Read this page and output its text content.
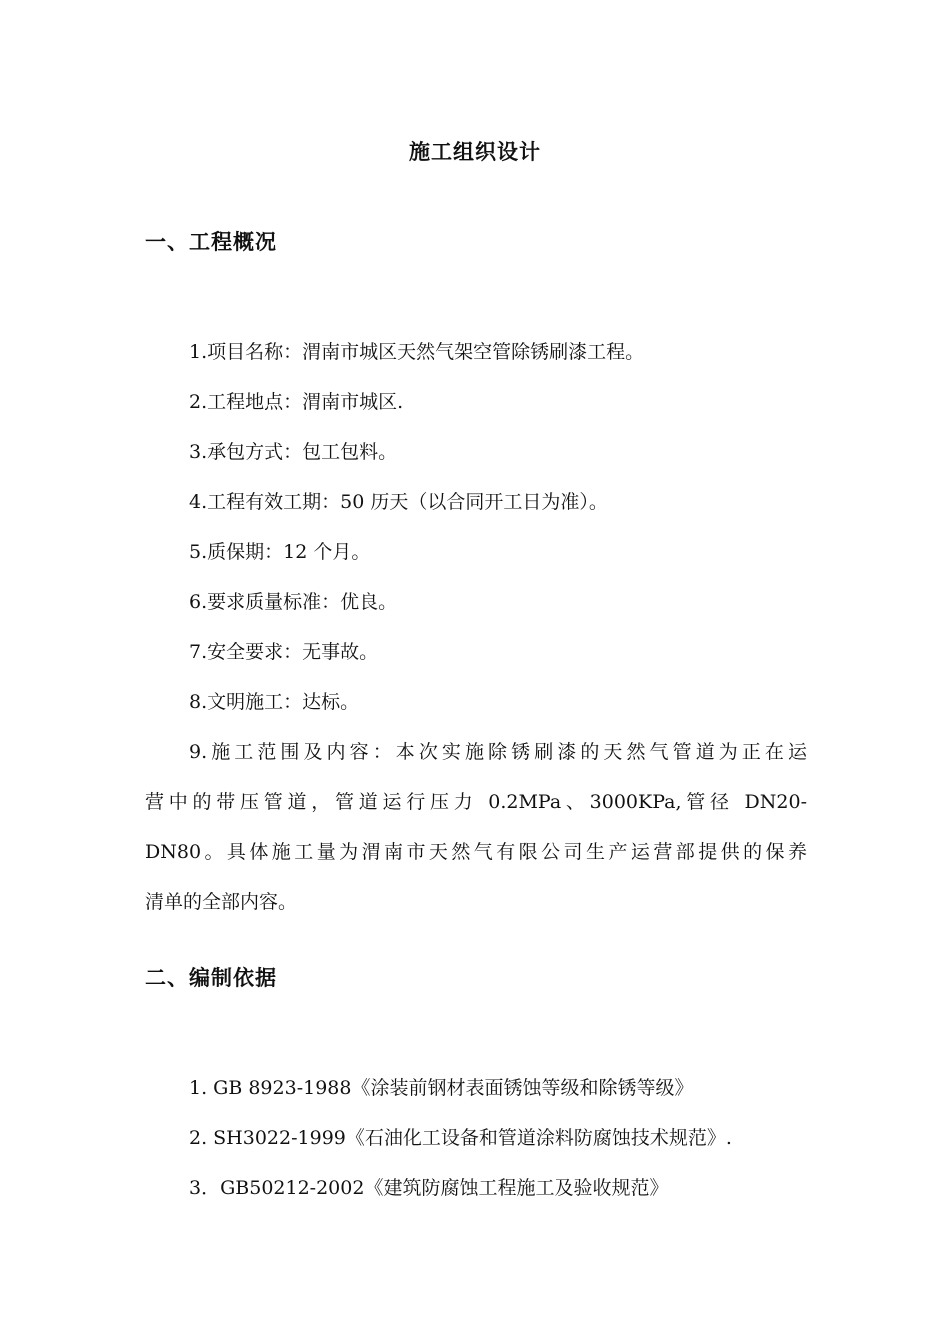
施工组织设计
一、工程概况
1.项目名称：渭南市城区天然气架空管除锈刷漆工程。
2.工程地点：渭南市城区.
3.承包方式：包工包料。
4.工程有效工期：50 历天（以合同开工日为准）。
5.质保期：12 个月。
6.要求质量标准：优良。
7.安全要求：无事故。
8.文明施工：达标。
9.施工范围及内容：本次实施除锈刷漆的天然气管道为正在运
营中的带压管道，管道运行压力 0.2MPa、3000KPa,管径 DN20-
DN80。具体施工量为渭南市天然气有限公司生产运营部提供的保养
清单的全部内容。
二、编制依据
1. GB 8923-1988《涂装前钢材表面锈蚀等级和除锈等级》
2. SH3022-1999《石油化工设备和管道涂料防腐蚀技术规范》.
3．GB50212-2002《建筑防腐蚀工程施工及验收规范》
